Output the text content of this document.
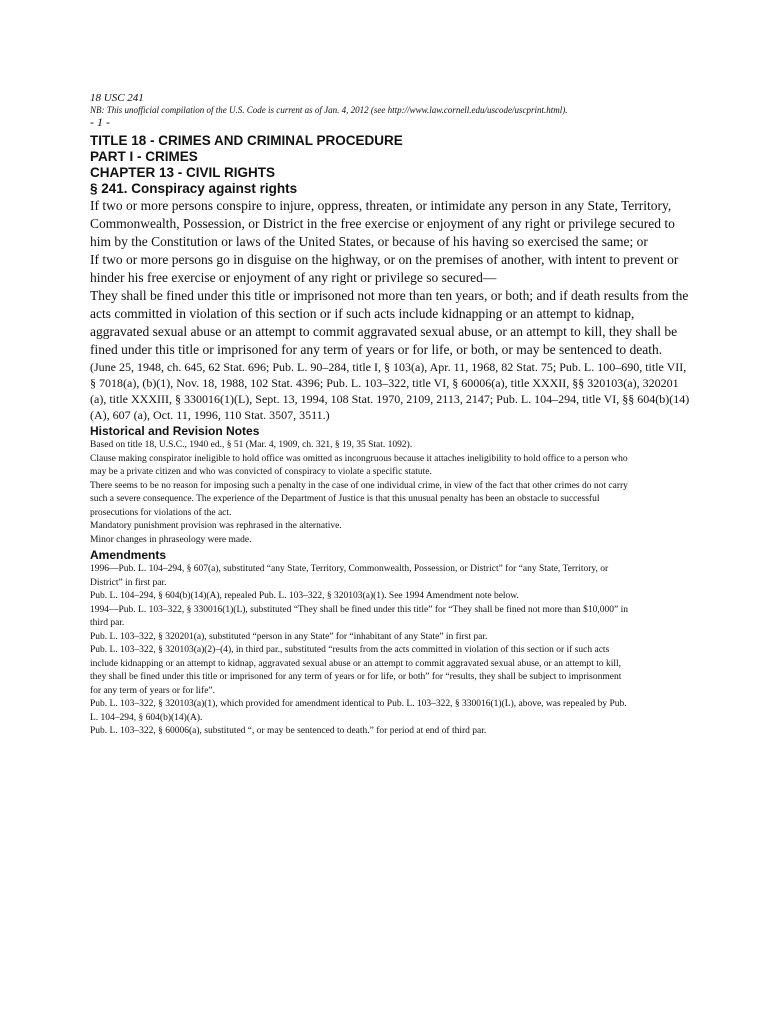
18 USC 241

NB: This unofficial compilation of the U.S. Code is current as of Jan. 4, 2012 (see http://www.law.cornell.edu/uscode/uscprint.html).

- 1 -

TITLE 18 - CRIMES AND CRIMINAL PROCEDURE
PART I - CRIMES
CHAPTER 13 - CIVIL RIGHTS
§ 241. Conspiracy against rights

If two or more persons conspire to injure, oppress, threaten, or intimidate any person in any State, Territory, Commonwealth, Possession, or District in the free exercise or enjoyment of any right or privilege secured to him by the Constitution or laws of the United States, or because of his having so exercised the same; or

If two or more persons go in disguise on the highway, or on the premises of another, with intent to prevent or hinder his free exercise or enjoyment of any right or privilege so secured—

They shall be fined under this title or imprisoned not more than ten years, or both; and if death results from the acts committed in violation of this section or if such acts include kidnapping or an attempt to kidnap, aggravated sexual abuse or an attempt to commit aggravated sexual abuse, or an attempt to kill, they shall be fined under this title or imprisoned for any term of years or for life, or both, or may be sentenced to death.

(June 25, 1948, ch. 645, 62 Stat. 696; Pub. L. 90–284, title I, § 103(a), Apr. 11, 1968, 82 Stat. 75; Pub. L. 100–690, title VII, § 7018(a), (b)(1), Nov. 18, 1988, 102 Stat. 4396; Pub. L. 103–322, title VI, § 60006(a), title XXXII, §§ 320103(a), 320201 (a), title XXXIII, § 330016(1)(L), Sept. 13, 1994, 108 Stat. 1970, 2109, 2113, 2147; Pub. L. 104–294, title VI, §§ 604(b)(14)(A), 607 (a), Oct. 11, 1996, 110 Stat. 3507, 3511.)

Historical and Revision Notes

Based on title 18, U.S.C., 1940 ed., § 51 (Mar. 4, 1909, ch. 321, § 19, 35 Stat. 1092).

Clause making conspirator ineligible to hold office was omitted as incongruous because it attaches ineligibility to hold office to a person who may be a private citizen and who was convicted of conspiracy to violate a specific statute.

There seems to be no reason for imposing such a penalty in the case of one individual crime, in view of the fact that other crimes do not carry such a severe consequence. The experience of the Department of Justice is that this unusual penalty has been an obstacle to successful prosecutions for violations of the act.

Mandatory punishment provision was rephrased in the alternative.

Minor changes in phraseology were made.

Amendments

1996—Pub. L. 104–294, § 607(a), substituted “any State, Territory, Commonwealth, Possession, or District” for “any State, Territory, or District” in first par.

Pub. L. 104–294, § 604(b)(14)(A), repealed Pub. L. 103–322, § 320103(a)(1). See 1994 Amendment note below.

1994—Pub. L. 103–322, § 330016(1)(L), substituted “They shall be fined under this title” for “They shall be fined not more than $10,000” in third par.

Pub. L. 103–322, § 320201(a), substituted “person in any State” for “inhabitant of any State” in first par.

Pub. L. 103–322, § 320103(a)(2)–(4), in third par., substituted “results from the acts committed in violation of this section or if such acts include kidnapping or an attempt to kidnap, aggravated sexual abuse or an attempt to commit aggravated sexual abuse, or an attempt to kill, they shall be fined under this title or imprisoned for any term of years or for life, or both” for “results, they shall be subject to imprisonment for any term of years or for life”.

Pub. L. 103–322, § 320103(a)(1), which provided for amendment identical to Pub. L. 103–322, § 330016(1)(L), above, was repealed by Pub. L. 104–294, § 604(b)(14)(A).

Pub. L. 103–322, § 60006(a), substituted “, or may be sentenced to death.” for period at end of third par.
